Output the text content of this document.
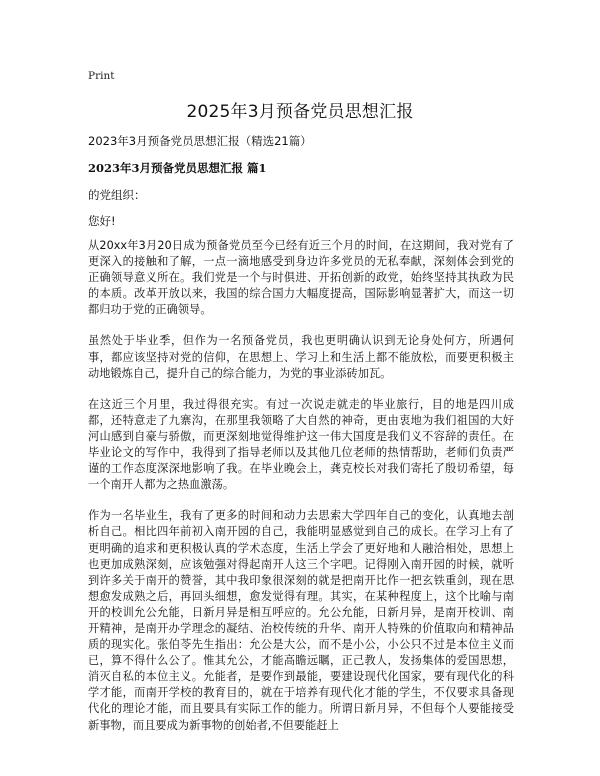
Print
2025年3月预备党员思想汇报
2023年3月预备党员思想汇报（精选21篇）
2023年3月预备党员思想汇报 篇1
的党组织：
您好!

从20xx年3月20日成为预备党员至今已经有近三个月的时间，在这期间，我对党有了更深入的接触和了解，一点一滴地感受到身边许多党员的无私奉献，深刻体会到党的正确领导意义所在。我们党是一个与时俱进、开拓创新的政党，始终坚持其执政为民的本质。改革开放以来，我国的综合国力大幅度提高，国际影响显著扩大，而这一切都归功于党的正确领导。

虽然处于毕业季，但作为一名预备党员，我也更明确认识到无论身处何方，所遇何事，都应该坚持对党的信仰，在思想上、学习上和生活上都不能放松，而要更积极主动地锻炼自己，提升自己的综合能力，为党的事业添砖加瓦。

在这近三个月里，我过得很充实。有过一次说走就走的毕业旅行，目的地是四川成都，还特意走了九寨沟，在那里我领略了大自然的神奇，更由衷地为我们祖国的大好河山感到自豪与骄傲，而更深刻地觉得维护这一伟大国度是我们义不容辞的责任。在毕业论文的写作中，我得到了指导老师以及其他几位老师的热情帮助，老师们负责严谨的工作态度深深地影响了我。在毕业晚会上，龚克校长对我们寄托了殷切希望，每一个南开人都为之热血激荡。

作为一名毕业生，我有了更多的时间和动力去思索大学四年自己的变化，认真地去剖析自己。相比四年前初入南开园的自己，我能明显感觉到自己的成长。在学习上有了更明确的追求和更积极认真的学术态度，生活上学会了更好地和人融洽相处，思想上也更加成熟深刻，应该勉强对得起南开人这三个字吧。记得刚入南开园的时候，就听到许多关于南开的赞誉，其中我印象很深刻的就是把南开比作一把玄铁重剑，现在思想愈发成熟之后，再回头细想，愈发觉得有理。其实，在某种程度上，这个比喻与南开的校训允公允能，日新月异是相互呼应的。允公允能，日新月异，是南开校训、南开精神，是南开办学理念的凝结、治校传统的升华、南开人特殊的价值取向和精神品质的现实化。张伯苓先生指出：允公是大公，而不是小公，小公只不过是本位主义而已，算不得什么公了。惟其允公，才能高瞻远瞩，正己教人，发扬集体的爱国思想，消灭自私的本位主义。允能者，是要作到最能，要建设现代化国家，要有现代化的科学才能，而南开学校的教育目的，就在于培养有现代化才能的学生，不仅要求具备现代化的理论才能，而且要具有实际工作的能力。所谓日新月异，不但每个人要能接受新事物，而且要成为新事物的创始者,不但要能赶上
